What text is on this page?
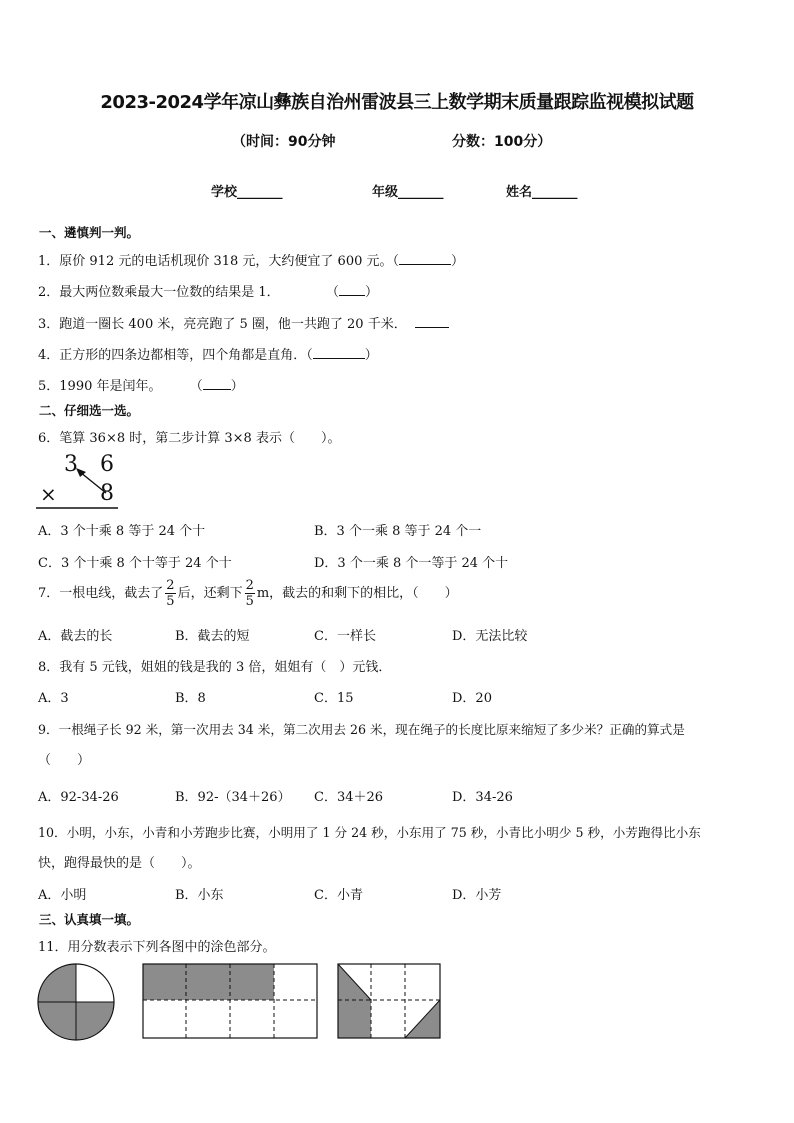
2023-2024学年凉山彝族自治州雷波县三上数学期末质量跟踪监视模拟试题
（时间：90分钟	分数：100分）
学校_______	年级_______	姓名_______
一、遴慎判一判。
1．原价 912 元的电话机现价 318 元，大约便宜了 600 元。（	）
2．最大两位数乘最大一位数的结果是 1．	（ ）
3．跑道一圈长 400 米，亮亮跑了 5 圈，他一共跑了 20 千米．
4．正方形的四条边都相等，四个角都是直角．（	）
5．1990 年是闰年。 （ ）
二、仔细选一选。
6．笔算 36×8 时，第二步计算 3×8 表示（　　）。
3 6
× 8
A．3 个十乘 8 等于 24 个十	B．3 个一乘 8 等于 24 个一
C．3 个十乘 8 个十等于 24 个十	D．3 个一乘 8 个一等于 24 个十
7．一根电线，截去了 $\frac{2}{5}$ 后，还剩下 $\frac{2}{5}$ m，截去的和剩下的相比，（　　）
A．截去的长	B．截去的短	C．一样长	D．无法比较
8．我有 5 元钱，姐姐的钱是我的 3 倍，姐姐有（　）元钱．
A．3	B．8	C．15	D．20
9．一根绳子长 92 米，第一次用去 34 米，第二次用去 26 米，现在绳子的长度比原来缩短了多少米？正确的算式是
（　　）
A．92-34-26	B．92-（34＋26） C．34＋26	D．34-26
10．小明，小东，小青和小芳跑步比赛，小明用了 1 分 24 秒，小东用了 75 秒，小青比小明少 5 秒，小芳跑得比小东
快，跑得最快的是（　　）。
A．小明	B．小东	C．小青	D．小芳
三、认真填一填。
11．用分数表示下列各图中的涂色部分。
